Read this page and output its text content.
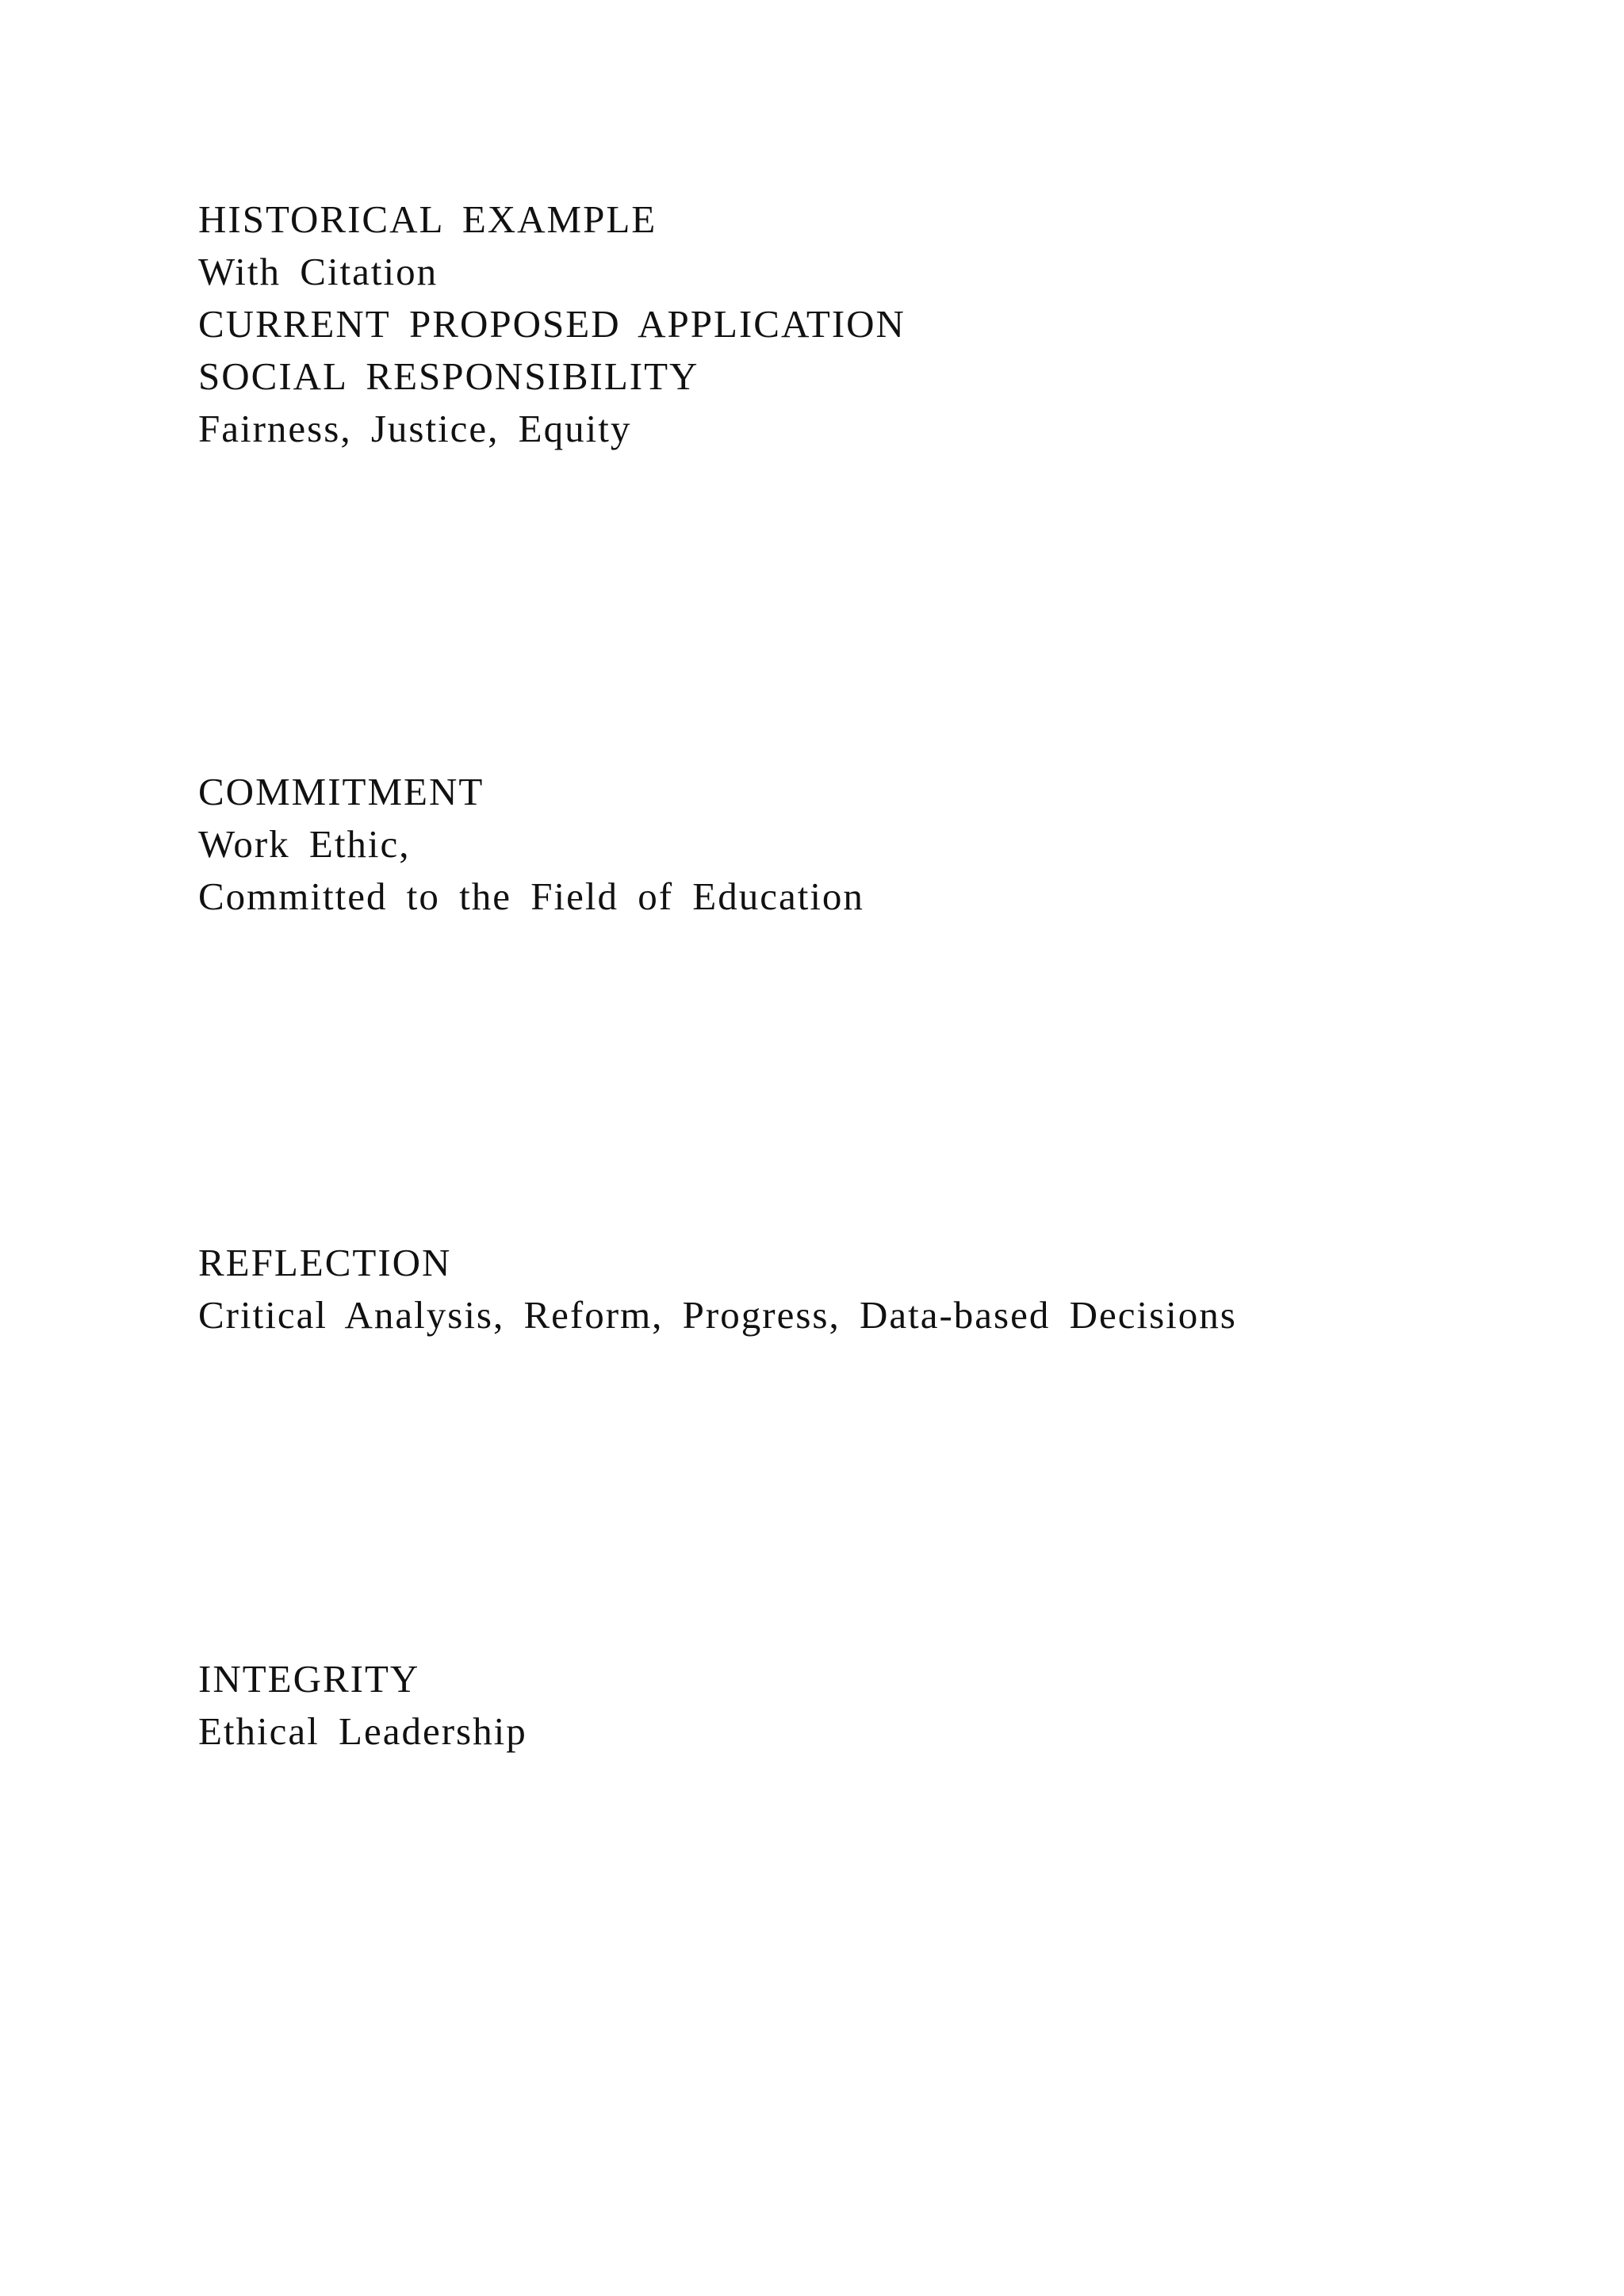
HISTORICAL EXAMPLE
With Citation
CURRENT PROPOSED APPLICATION
SOCIAL RESPONSIBILITY
Fairness, Justice, Equity
COMMITMENT
Work Ethic,
Committed to the Field of Education
REFLECTION
Critical Analysis, Reform, Progress, Data-based Decisions
INTEGRITY
Ethical Leadership
